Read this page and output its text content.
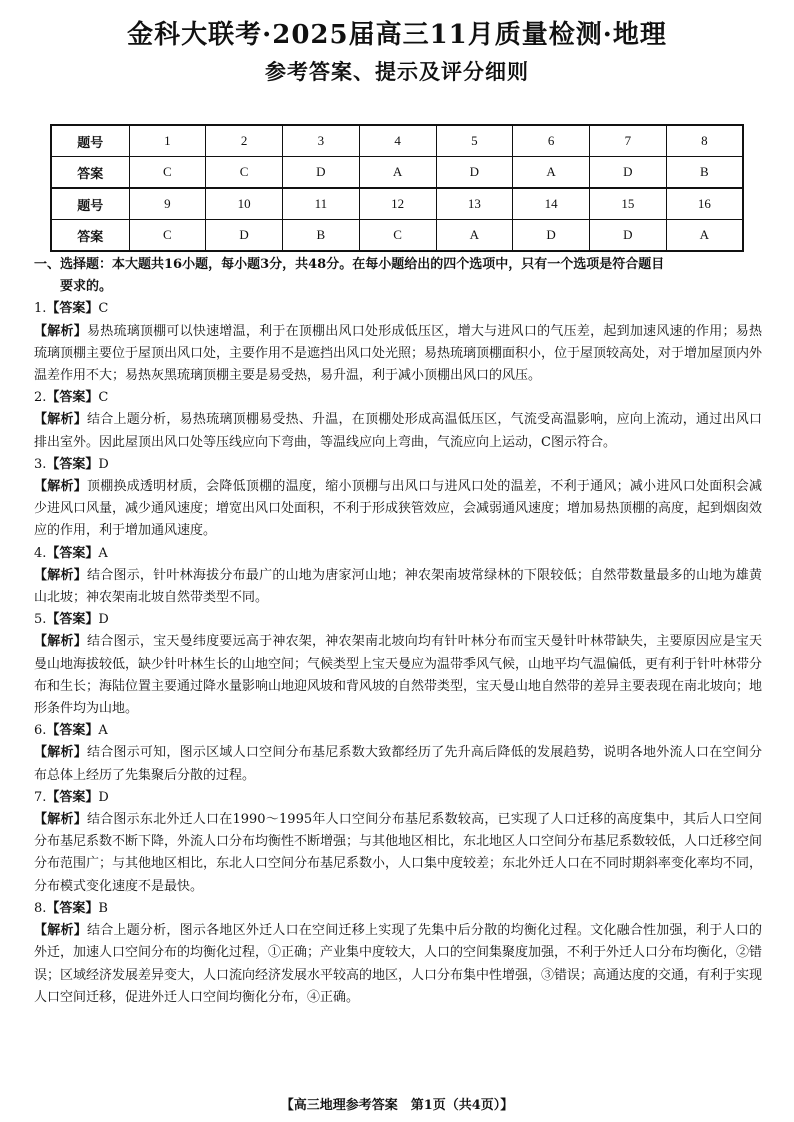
金科大联考·2025届高三11月质量检测·地理
参考答案、提示及评分细则
题号	1	2	3	4	5	6	7	8
答案	C	C	D	A	D	A	D	B
题号	9	10	11	12	13	14	15	16
答案	C	D	B	C	A	D	D	A

一、选择题：本大题共16小题，每小题3分，共48分。在每小题给出的四个选项中，只有一个选项是符合题目

要求的。

1.【答案】C

【解析】易热琉璃顶棚可以快速增温，利于在顶棚出风口处形成低压区，增大与进风口的气压差，起到加速风速的作用；易热琉璃顶棚主要位于屋顶出风口处，主要作用不是遮挡出风口处光照；易热琉璃顶棚面积小，位于屋顶较高处，对于增加屋顶内外温差作用不大；易热灰黑琉璃顶棚主要是易受热，易升温，利于减小顶棚出风口的风压。

2.【答案】C

【解析】结合上题分析，易热琉璃顶棚易受热、升温，在顶棚处形成高温低压区，气流受高温影响，应向上流动，通过出风口排出室外。因此屋顶出风口处等压线应向下弯曲，等温线应向上弯曲，气流应向上运动，C图示符合。

3.【答案】D

【解析】顶棚换成透明材质，会降低顶棚的温度，缩小顶棚与出风口与进风口处的温差，不利于通风；减小进风口处面积会减少进风口风量，减少通风速度；增宽出风口处面积，不利于形成狭管效应，会减弱通风速度；增加易热顶棚的高度，起到烟囱效应的作用，利于增加通风速度。

4.【答案】A

【解析】结合图示，针叶林海拔分布最广的山地为唐家河山地；神农架南坡常绿林的下限较低；自然带数量最多的山地为雄黄山北坡；神农架南北坡自然带类型不同。

5.【答案】D

【解析】结合图示，宝天曼纬度要远高于神农架，神农架南北坡向均有针叶林分布而宝天曼针叶林带缺失，主要原因应是宝天曼山地海拔较低，缺少针叶林生长的山地空间；气候类型上宝天曼应为温带季风气候，山地平均气温偏低，更有利于针叶林带分布和生长；海陆位置主要通过降水量影响山地迎风坡和背风坡的自然带类型，宝天曼山地自然带的差异主要表现在南北坡向；地形条件均为山地。

6.【答案】A

【解析】结合图示可知，图示区域人口空间分布基尼系数大致都经历了先升高后降低的发展趋势，说明各地外流人口在空间分布总体上经历了先集聚后分散的过程。

7.【答案】D

【解析】结合图示东北外迁人口在1990～1995年人口空间分布基尼系数较高，已实现了人口迁移的高度集中，其后人口空间分布基尼系数不断下降，外流人口分布均衡性不断增强；与其他地区相比，东北地区人口空间分布基尼系数较低，人口迁移空间分布范围广；与其他地区相比，东北人口空间分布基尼系数小，人口集中度较差；东北外迁人口在不同时期斜率变化率均不同，分布模式变化速度不是最快。

8.【答案】B

【解析】结合上题分析，图示各地区外迁人口在空间迁移上实现了先集中后分散的均衡化过程。文化融合性加强，利于人口的外迁，加速人口空间分布的均衡化过程，①正确；产业集中度较大，人口的空间集聚度加强，不利于外迁人口分布均衡化，②错误；区域经济发展差异变大，人口流向经济发展水平较高的地区，人口分布集中性增强，③错误；高通达度的交通，有利于实现人口空间迁移，促进外迁人口空间均衡化分布，④正确。

【高三地理参考答案　第1页（共4页）】
